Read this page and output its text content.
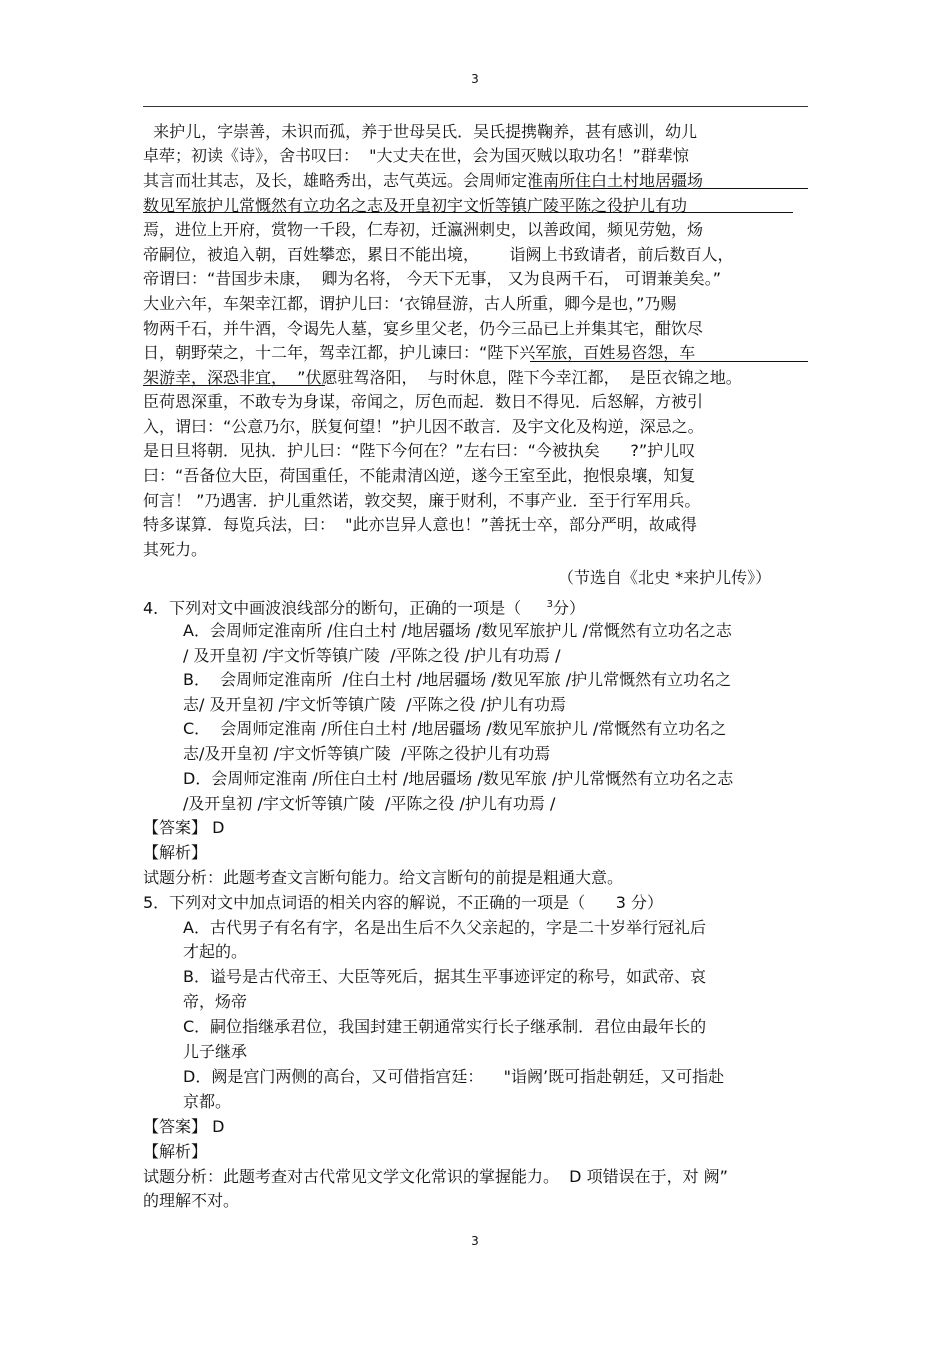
3
来护儿，字崇善，未识而孤，养于世母吴氏．吴氏提携鞠养，甚有感训，幼儿
卓荦；初读《诗》，舍书叹曰：  "大丈夫在世，会为国灭贼以取功名！”群辈惊
其言而壮其志，及长，雄略秀出，志气英远。会周师定淮南所住白土村地居疆场
数见军旅护儿常慨然有立功名之志及开皇初宇文忻等镇广陵平陈之役护儿有功
焉，进位上开府，赏物一千段，仁寿初，迁瀛洲刺史，以善政闻，频见劳勉，炀
帝嗣位，被追入朝，百姓攀恋，累日不能出境，      诣阙上书致请者，前后数百人，
帝谓曰：“昔国步未康，  卿为名将， 今天下无事， 又为良两千石， 可谓兼美矣。”
大业六年，车架幸江都，谓护儿曰：‘衣锦昼游，古人所重，卿今是也，”乃赐
物两千石，并牛酒，令谒先人墓，宴乡里父老，仍今三品已上并集其宅，酣饮尽
日，朝野荣之，十二年，驾幸江都，护儿谏曰：“陛下兴军旅，百姓易咨怨，车
架游幸，深恐非宜，  ”伏愿驻驾洛阳，  与时休息，陛下今幸江都，  是臣衣锦之地。
臣荷恩深重，不敢专为身谋，帝闻之，厉色而起．数日不得见．后怒解，方被引
入，谓曰：“公意乃尔，朕复何望！”护儿因不敢言．及宇文化及构逆，深忌之。
是日旦将朝．见执．护儿曰：“陛下今何在？”左右曰：“今被执矣      ?”护儿叹
曰：“吾备位大臣，荷国重任，不能肃清凶逆，遂今王室至此，抱恨泉壤，知复
何言！ ”乃遇害．护儿重然诺，敦交契，廉于财利，不事产业．至于行军用兵。
特多谋算．每览兵法，曰：  "此亦岂异人意也！”善抚士卒，部分严明，故咸得
其死力。
（节选自《北史 *来护儿传》）
4．下列对文中画波浪线部分的断句，正确的一项是（     $^3$分）
A．会周师定淮南所 /住白土村 /地居疆场 /数见军旅护儿 /常慨然有立功名之志
/ 及开皇初 /宇文忻等镇广陵  /平陈之役 /护儿有功焉 /
B．  会周师定淮南所  /住白土村 /地居疆场 /数见军旅 /护儿常慨然有立功名之
志/ 及开皇初 /宇文忻等镇广陵  /平陈之役 /护儿有功焉
C．  会周师定淮南 /所住白土村 /地居疆场 /数见军旅护儿 /常慨然有立功名之
志/及开皇初 /宇文忻等镇广陵  /平陈之役护儿有功焉
D．会周师定淮南 /所住白土村 /地居疆场 /数见军旅 /护儿常慨然有立功名之志
/及开皇初 /宇文忻等镇广陵  /平陈之役 /护儿有功焉 /
【答案】 D
【解析】
试题分析：此题考查文言断句能力。给文言断句的前提是粗通大意。
5．下列对文中加点词语的相关内容的解说，不正确的一项是（      3 分）
A．古代男子有名有字，名是出生后不久父亲起的，字是二十岁举行冠礼后
才起的。
B．谥号是古代帝王、大臣等死后，据其生平事迹评定的称号，如武帝、哀
帝，炀帝
C．嗣位指继承君位，我国封建王朝通常实行长子继承制．君位由最年长的
儿子继承
D．阙是宫门两侧的高台，又可借指宫廷：    "诣阙’既可指赴朝廷，又可指赴
京都。
【答案】 D
【解析】
试题分析：此题考查对古代常见文学文化常识的掌握能力。  D 项错误在于，对 阙”
的理解不对。
3
